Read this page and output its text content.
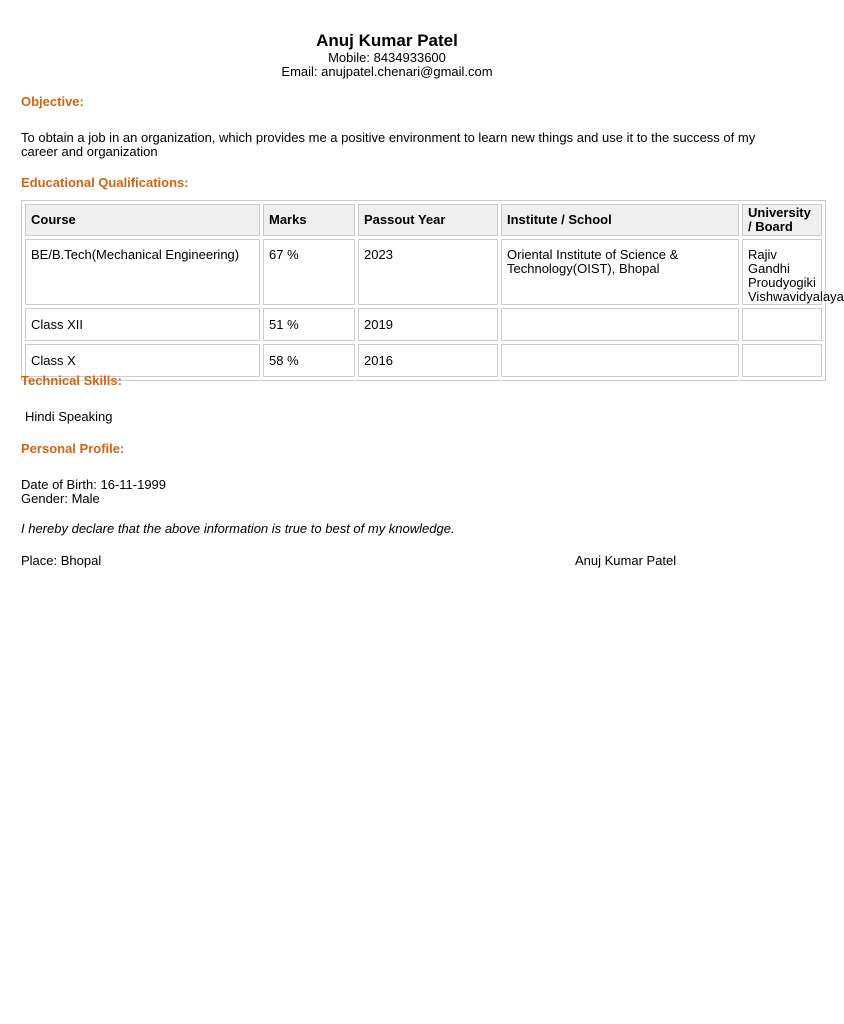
Anuj Kumar Patel
Mobile: 8434933600
Email: anujpatel.chenari@gmail.com
Objective:
To obtain a job in an organization, which provides me a positive environment to learn new things and use it to the success of my career and organization
Educational Qualifications:
Course	Marks	Passout Year	Institute / School	University / Board
BE/B.Tech(Mechanical Engineering)	67 %	2023	Oriental Institute of Science & Technology(OIST), Bhopal	Rajiv Gandhi Proudyogiki Vishwavidyalaya
Class XII	51 %	2019		
Class X	58 %	2016		
Technical Skills:
Hindi Speaking
Personal Profile:
Date of Birth: 16-11-1999
Gender: Male
I hereby declare that the above information is true to best of my knowledge.
Place: Bhopal	Anuj Kumar Patel
